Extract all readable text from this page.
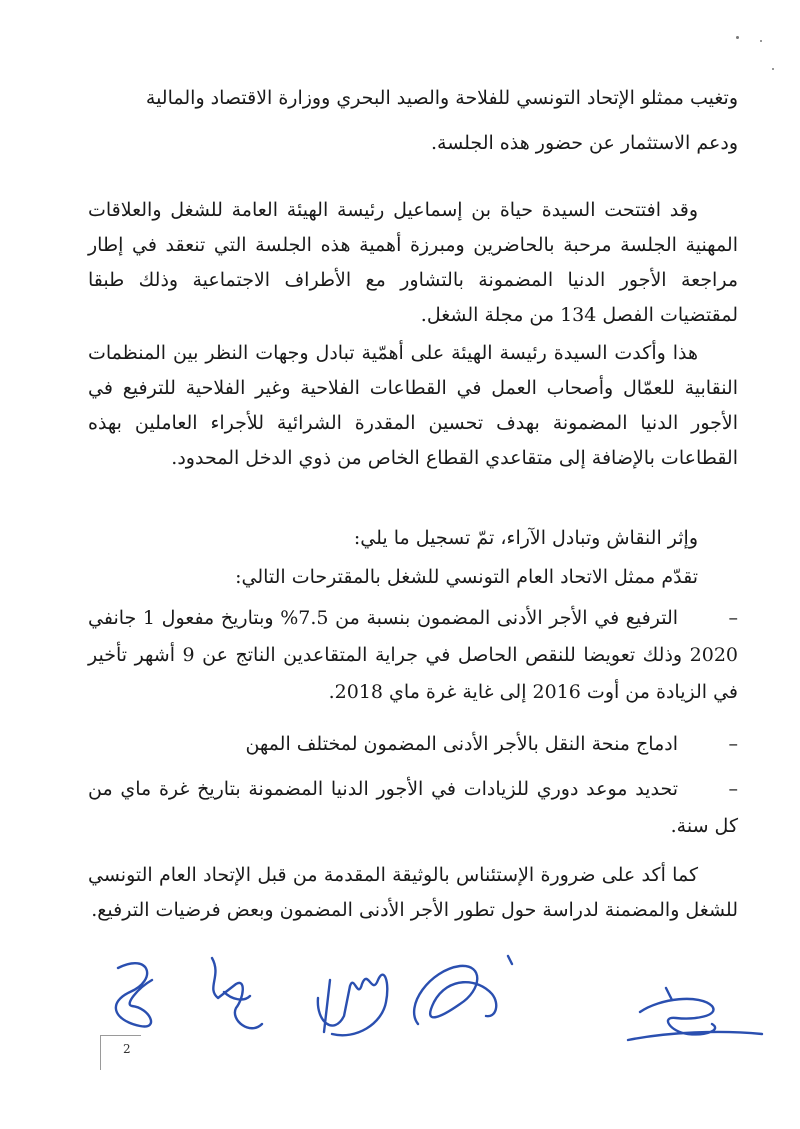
وتغيب ممثلو الإتحاد التونسي للفلاحة والصيد البحري ووزارة الاقتصاد والمالية

ودعم الاستثمار عن حضور هذه الجلسة.

وقد افتتحت السيدة حياة بن إسماعيل رئيسة الهيئة العامة للشغل والعلاقات المهنية الجلسة مرحبة بالحاضرين ومبرزة أهمية هذه الجلسة التي تنعقد في إطار مراجعة الأجور الدنيا المضمونة بالتشاور مع الأطراف الاجتماعية وذلك طبقا لمقتضيات الفصل 134 من مجلة الشغل.

هذا وأكدت السيدة رئيسة الهيئة على أهمّية تبادل وجهات النظر بين المنظمات النقابية للعمّال وأصحاب العمل في القطاعات الفلاحية وغير الفلاحية للترفيع في الأجور الدنيا المضمونة بهدف تحسين المقدرة الشرائية للأجراء العاملين بهذه القطاعات بالإضافة إلى متقاعدي القطاع الخاص من ذوي الدخل المحدود.

وإثر النقاش وتبادل الآراء، تمّ تسجيل ما يلي:

تقدّم ممثل الاتحاد العام التونسي للشغل بالمقترحات التالي:

–الترفيع في الأجر الأدنى المضمون بنسبة من 7.5% وبتاريخ مفعول 1 جانفي 2020 وذلك تعويضا للنقص الحاصل في جراية المتقاعدين الناتج عن 9 أشهر تأخير في الزيادة من أوت 2016 إلى غاية غرة ماي 2018.
–ادماج منحة النقل بالأجر الأدنى المضمون لمختلف المهن
–تحديد موعد دوري للزيادات في الأجور الدنيا المضمونة بتاريخ غرة ماي من كل سنة.

كما أكد على ضرورة الإستئناس بالوثيقة المقدمة من قبل الإتحاد العام التونسي للشغل والمضمنة لدراسة حول تطور الأجر الأدنى المضمون وبعض فرضيات الترفيع.

2
